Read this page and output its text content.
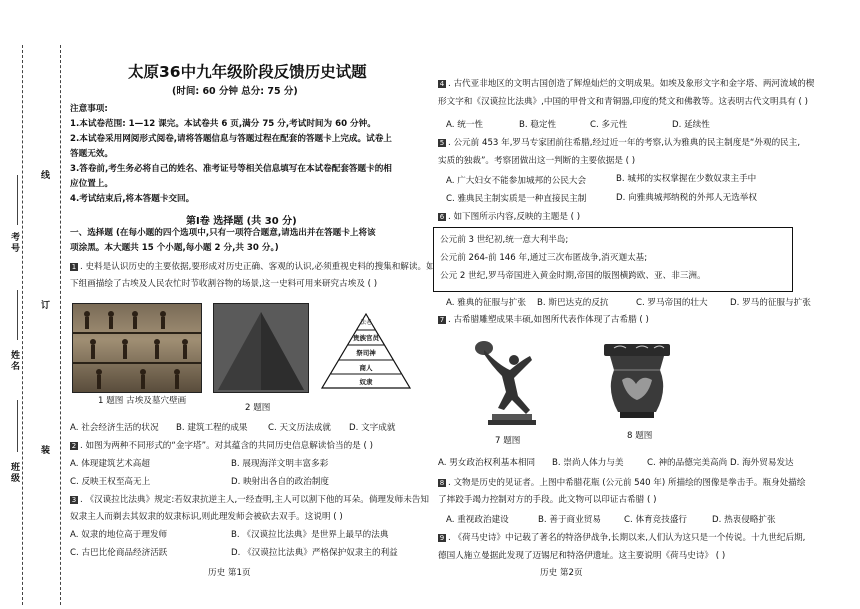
线
订
装
考号
姓名
班级
太原36中九年级阶段反馈历史试题
(时间: 60 分钟 总分: 75 分)
注意事项:
1.本试卷范围: 1—12 课完。本试卷共 6 页,满分 75 分,考试时间为 60 分钟。
2.本试卷采用网阅形式阅卷,请将答题信息与答题过程在配套的答题卡上完成。试卷上
答题无效。
3.答卷前,考生务必将自己的姓名、准考证号等相关信息填写在本试卷配套答题卡的相
应位置上。
4.考试结束后,将本答题卡交回。
第Ⅰ卷 选择题 (共 30 分)
一、选择题 (在每小题的四个选项中,只有一项符合题意,请选出并在答题卡上将该
项涂黑。本大题共 15 个小题,每小题 2 分,共 30 分。)
1 . 史料是认识历史的主要依据,要形成对历史正确、客观的认识,必须重视史料的搜集和解读。如
下组画描绘了古埃及人民农忙时节收割谷物的场景,这一史料可用来研究古埃及 ( )
1 题图 古埃及墓穴壁画
2 题图
法老
贵族官员
祭司神
商人
奴隶
A. 社会经济生活的状况 B. 建筑工程的成果 C. 天文历法成就 D. 文字成就
2 . 如图为两种不同形式的“金字塔”。对其蕴含的共同历史信息解读恰当的是 ( )
A. 体现建筑艺术高超	B. 展现海洋文明丰富多彩
C. 反映王权至高无上	D. 映射出各自的政治制度
3 . 《汉谟拉比法典》规定:若奴隶抗逆主人,一经查明,主人可以割下他的耳朵。倘理发师未告知
奴隶主人而剃去其奴隶的奴隶标识,则此理发师会被砍去双手。这说明 ( )
A. 奴隶的地位高于理发师	B. 《汉谟拉比法典》是世界上最早的法典
C. 古巴比伦商品经济活跃	D. 《汉谟拉比法典》严格保护奴隶主的利益
历史 第1页
4 . 古代亚非地区的文明古国创造了辉煌灿烂的文明成果。如埃及象形文字和金字塔、两河流域的楔
形文字和《汉谟拉比法典》,中国的甲骨文和青铜器,印度的梵文和佛教等。这表明古代文明具有 ( )
A. 统一性	B. 稳定性	C. 多元性	D. 延续性
5 . 公元前 453 年,罗马专家团前往希腊,经过近一年的考察,认为雅典的民主制度是“外观的民主,
实质的独裁”。考察团做出这一判断的主要依据是 ( )
A. 广大妇女不能参加城邦的公民大会	B. 城邦的实权掌握在少数奴隶主手中
C. 雅典民主制实质是一种直接民主制	D. 向雅典城邦纳税的外邦人无选举权
6 . 如下图所示内容,反映的主题是 ( )
公元前 3 世纪初,统一意大利半岛;
公元前 264-前 146 年,通过三次布匿战争,消灭迦太基;
公元 2 世纪,罗马帝国进入黄金时期,帝国的版图横跨欧、亚、非三洲。
A. 雅典的征服与扩张 B. 斯巴达克的反抗	C. 罗马帝国的壮大	D. 罗马的征服与扩张
7 . 古希腊雕塑成果丰硕,如图所代表作体现了古希腊 ( )
7 题图	8 题图
A. 男女政治权利基本相同 B. 崇尚人体力与美	C. 神的品德完美高尚 D. 海外贸易发达
8 . 文物是历史的见证者。上图中希腊花瓶 (公元前 540 年) 所描绘的图像是拳击手。瓶身处描绘
了摔跤手竭力控制对方的手段。此文物可以印证古希腊 ( )
A. 重视政治建设	B. 善于商业贸易	C. 体育竞技盛行	D. 热衷侵略扩张
9 . 《荷马史诗》中记载了著名的特洛伊战争,长期以来,人们认为这只是一个传说。十九世纪后期,
德国人施立曼据此发现了迈锡尼和特洛伊遗址。这主要说明《荷马史诗》 ( )
历史 第2页
